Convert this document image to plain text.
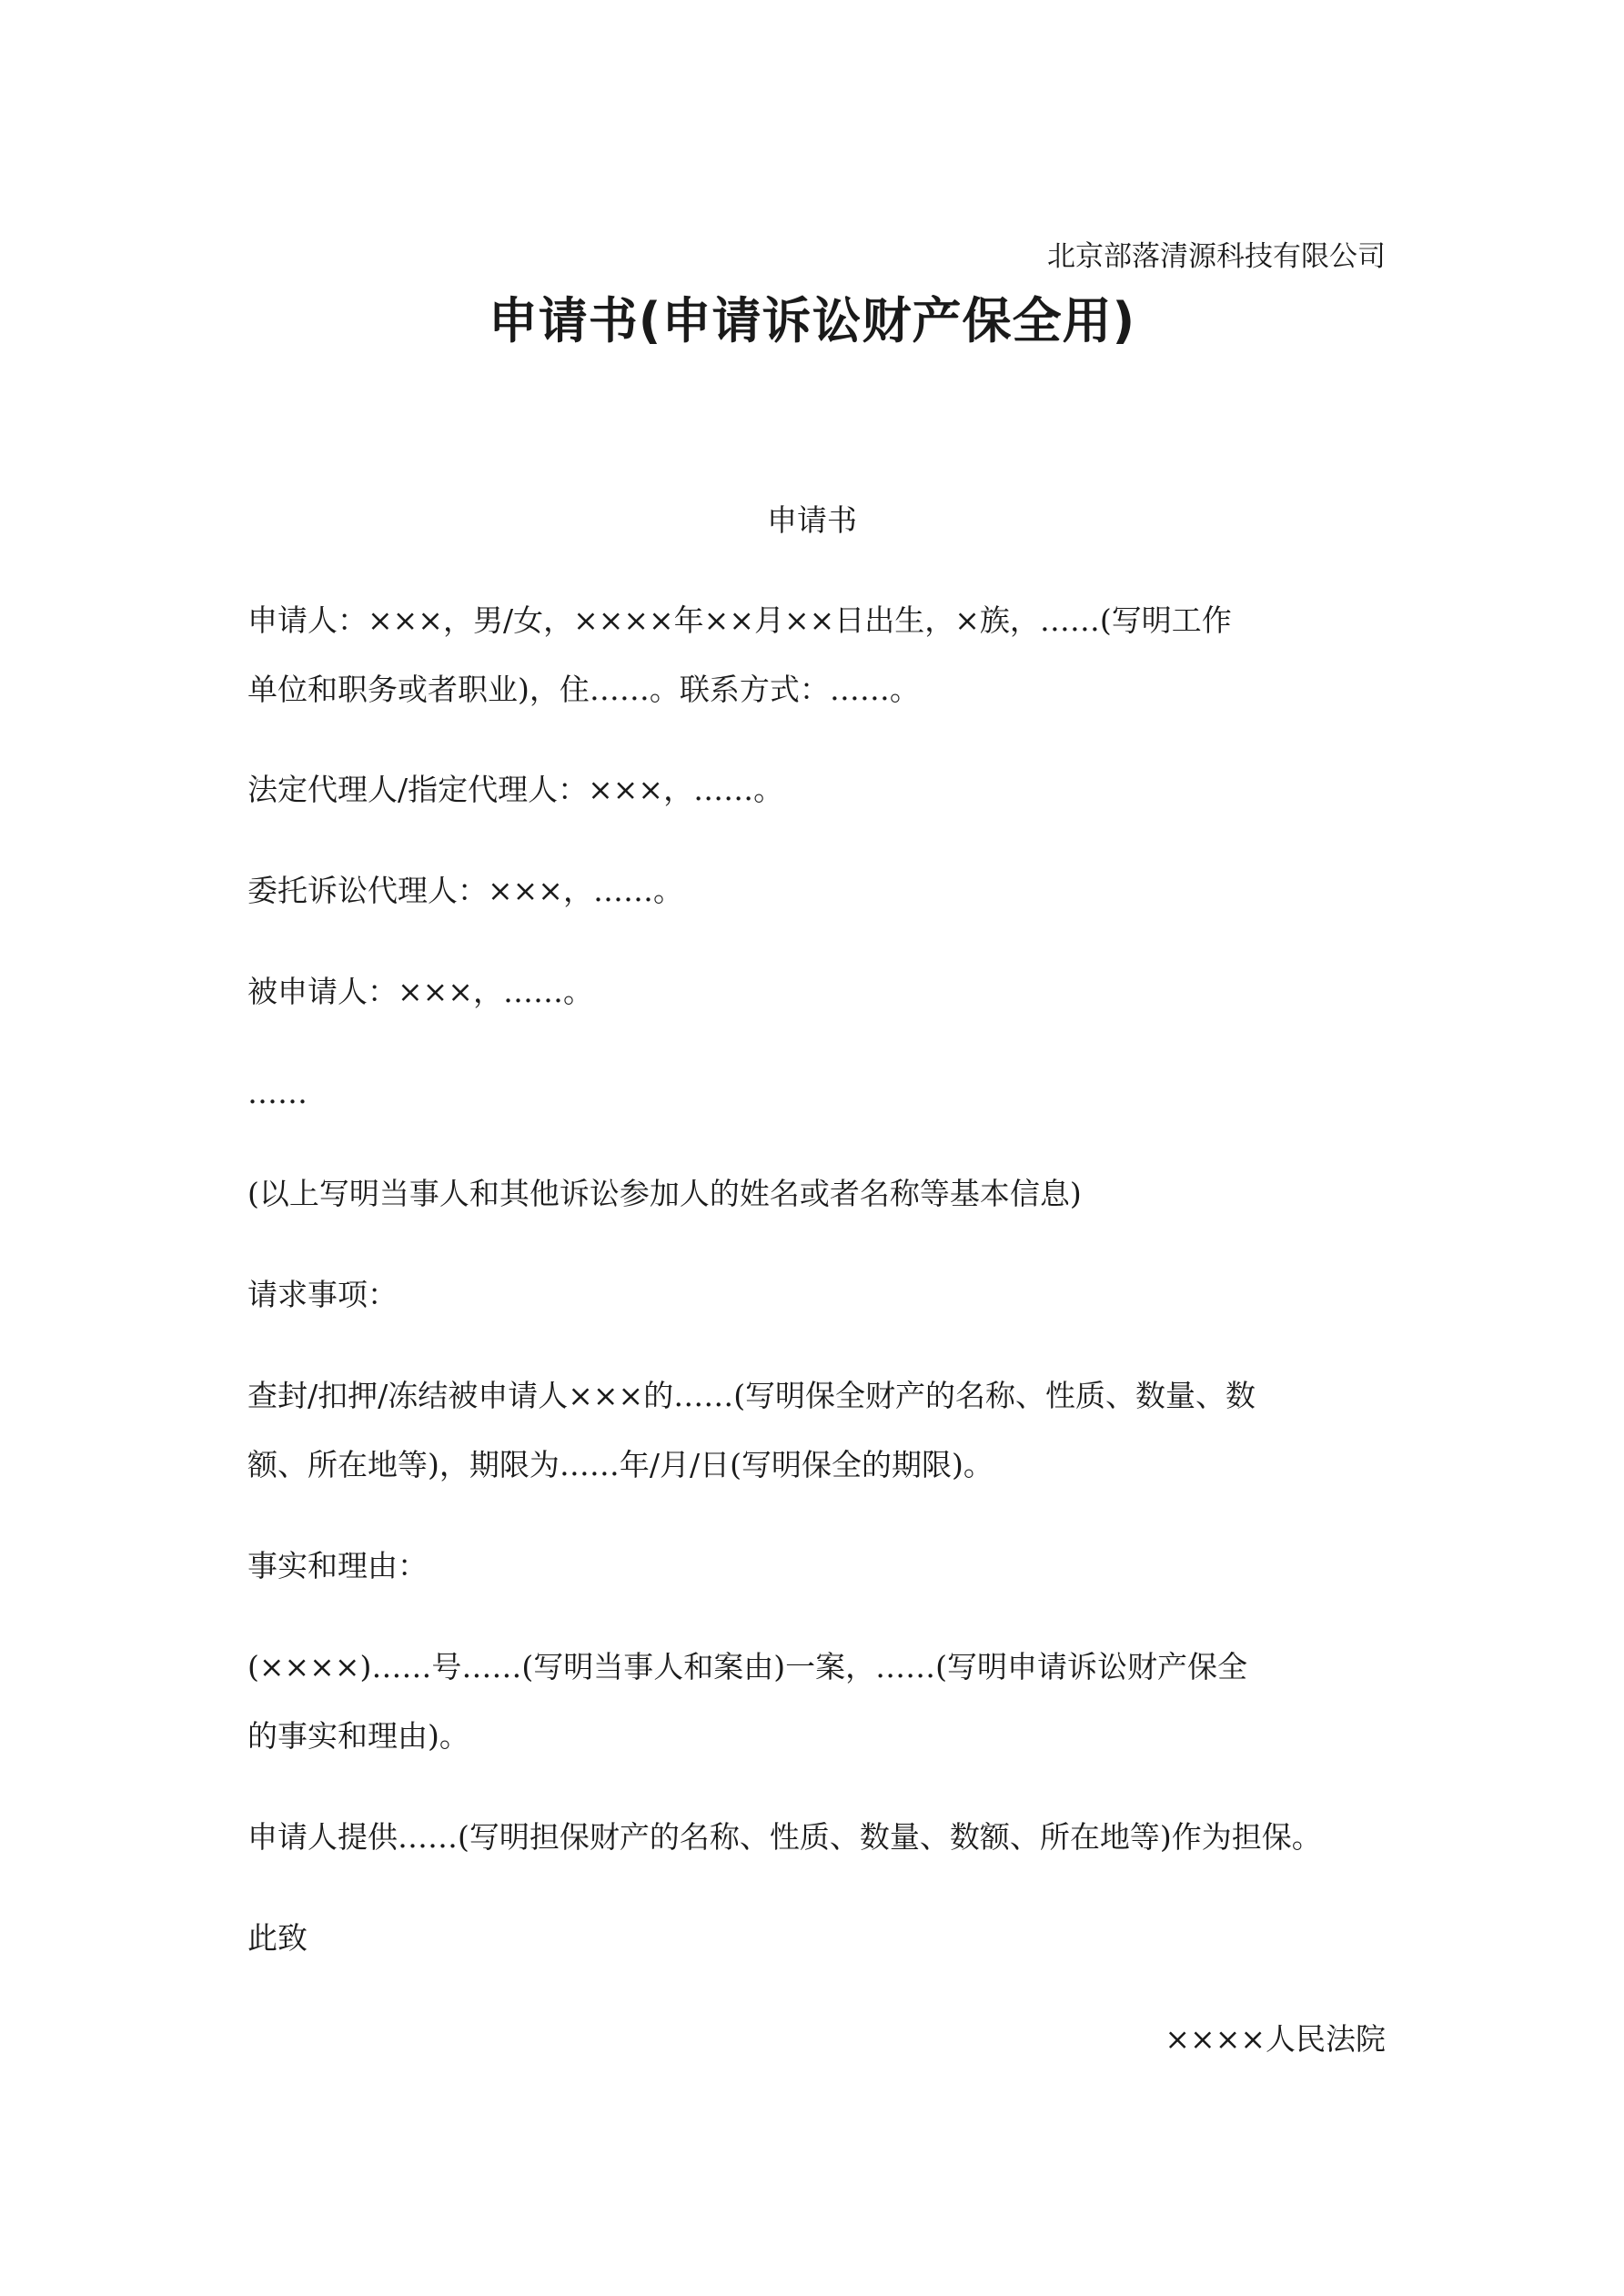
北京部落清源科技有限公司
申请书(申请诉讼财产保全用)
申请书
申请人：×××，男/女，××××年××月××日出生，×族，……(写明工作
单位和职务或者职业)，住……。联系方式：……。
法定代理人/指定代理人：×××，……。
委托诉讼代理人：×××，……。
被申请人：×××，……。
……
(以上写明当事人和其他诉讼参加人的姓名或者名称等基本信息)
请求事项：
查封/扣押/冻结被申请人×××的……(写明保全财产的名称、性质、数量、数
额、所在地等)，期限为……年/月/日(写明保全的期限)。
事实和理由：
(××××)……号……(写明当事人和案由)一案，……(写明申请诉讼财产保全
的事实和理由)。
申请人提供……(写明担保财产的名称、性质、数量、数额、所在地等)作为担保。
此致
××××人民法院
